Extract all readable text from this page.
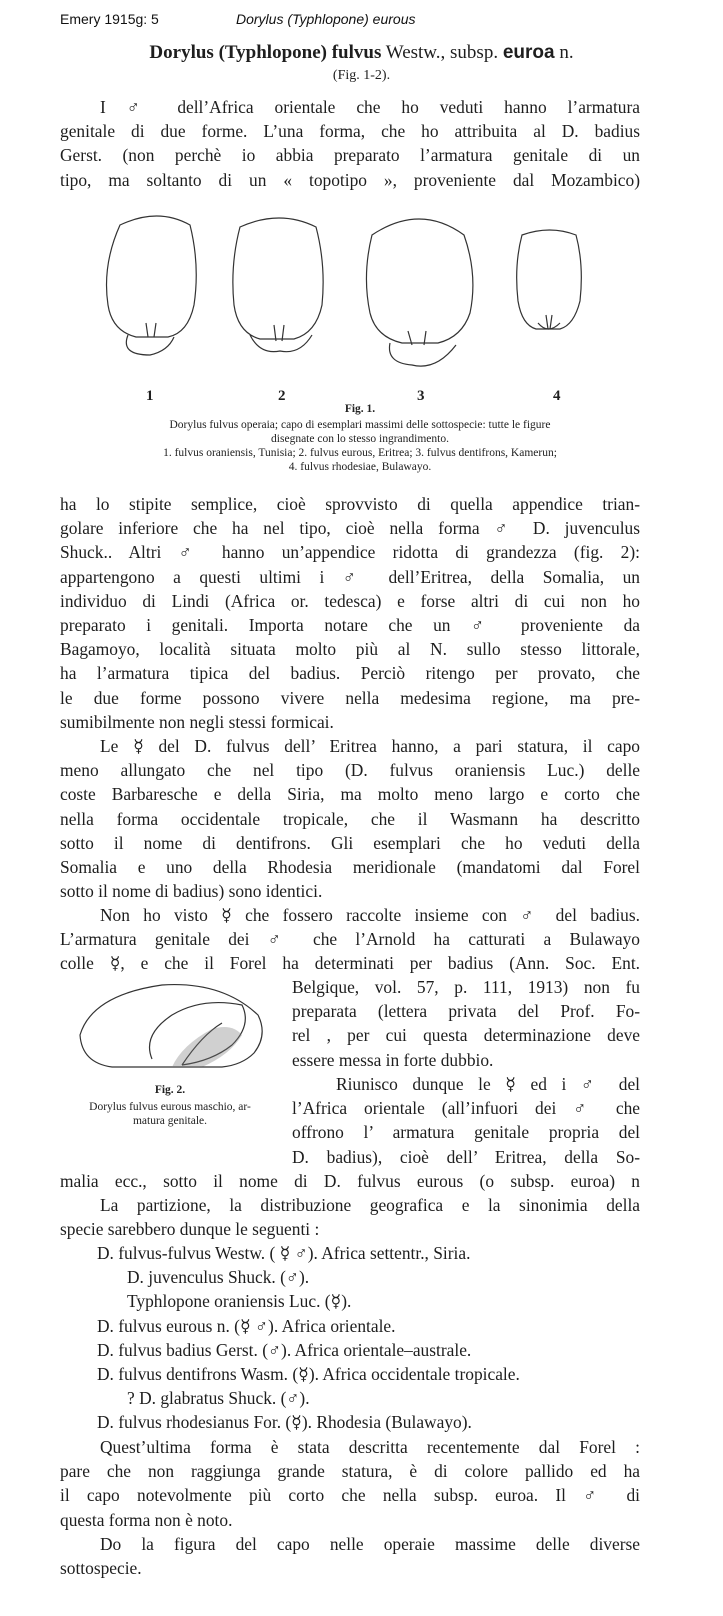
Emery 1915g: 5	Dorylus (Typhlopone) eurous
Dorylus (Typhlopone) fulvus Westw., subsp. euroa n.
(Fig. 1-2).
I ♂ dell’Africa orientale che ho veduti hanno l’armatura
genitale di due forme. L’una forma, che ho attribuita al D. badius
Gerst. (non perchè io abbia preparato l’armatura genitale di un
tipo, ma soltanto di un « topotipo », proveniente dal Mozambico)
1	2	3	4
Fig. 1.
Dorylus fulvus operaia; capo di esemplari massimi delle sottospecie: tutte le figure
disegnate con lo stesso ingrandimento.
1. fulvus oraniensis, Tunisia; 2. fulvus eurous, Eritrea; 3. fulvus dentifrons, Kamerun;
4. fulvus rhodesiae, Bulawayo.
ha lo stipite semplice, cioè sprovvisto di quella appendice trian-
golare inferiore che ha nel tipo, cioè nella forma ♂ D. juvenculus
Shuck.. Altri ♂ hanno un’appendice ridotta di grandezza (fig. 2):
appartengono a questi ultimi i ♂ dell’Eritrea, della Somalia, un
individuo di Lindi (Africa or. tedesca) e forse altri di cui non ho
preparato i genitali. Importa notare che un ♂ proveniente da
Bagamoyo, località situata molto più al N. sullo stesso littorale,
ha l’armatura tipica del badius. Perciò ritengo per provato, che
le due forme possono vivere nella medesima regione, ma pre-
sumibilmente non negli stessi formicai.
Le ☿ del D. fulvus dell’ Eritrea hanno, a pari statura, il capo
meno allungato che nel tipo (D. fulvus oraniensis Luc.) delle
coste Barbaresche e della Siria, ma molto meno largo e corto che
nella forma occidentale tropicale, che il Wasmann ha descritto
sotto il nome di dentifrons. Gli esemplari che ho veduti della
Somalia e uno della Rhodesia meridionale (mandatomi dal Forel
sotto il nome di badius) sono identici.
Non ho visto ☿ che fossero raccolte insieme con ♂ del badius.
L’armatura genitale dei ♂ che l’Arnold ha catturati a Bulawayo
colle ☿, e che il Forel ha determinati per badius (Ann. Soc. Ent.
Fig. 2.
Dorylus fulvus eurous maschio, ar-
matura genitale.
Belgique, vol. 57, p. 111, 1913) non fu
preparata (lettera privata del Prof. Fo-
rel , per cui questa determinazione deve
essere messa in forte dubbio.
Riunisco dunque le ☿ ed i ♂ del
l’Africa orientale (all’infuori dei ♂ che
offrono l’ armatura genitale propria del
D. badius), cioè dell’ Eritrea, della So-
malia ecc., sotto il nome di D. fulvus eurous (o subsp. euroa) n
La partizione, la distribuzione geografica e la sinonimia della
specie sarebbero dunque le seguenti :
D. fulvus-fulvus Westw. ( ☿ ♂). Africa settentr., Siria.
D. juvenculus Shuck. (♂).
Typhlopone oraniensis Luc. (☿).
D. fulvus eurous n. (☿ ♂). Africa orientale.
D. fulvus badius Gerst. (♂). Africa orientale–australe.
D. fulvus dentifrons Wasm. (☿). Africa occidentale tropicale.
? D. glabratus Shuck. (♂).
D. fulvus rhodesianus For. (☿). Rhodesia (Bulawayo).
Quest’ultima forma è stata descritta recentemente dal Forel :
pare che non raggiunga grande statura, è di colore pallido ed ha
il capo notevolmente più corto che nella subsp. euroa. Il ♂ di
questa forma non è noto.
Do la figura del capo nelle operaie massime delle diverse
sottospecie.
